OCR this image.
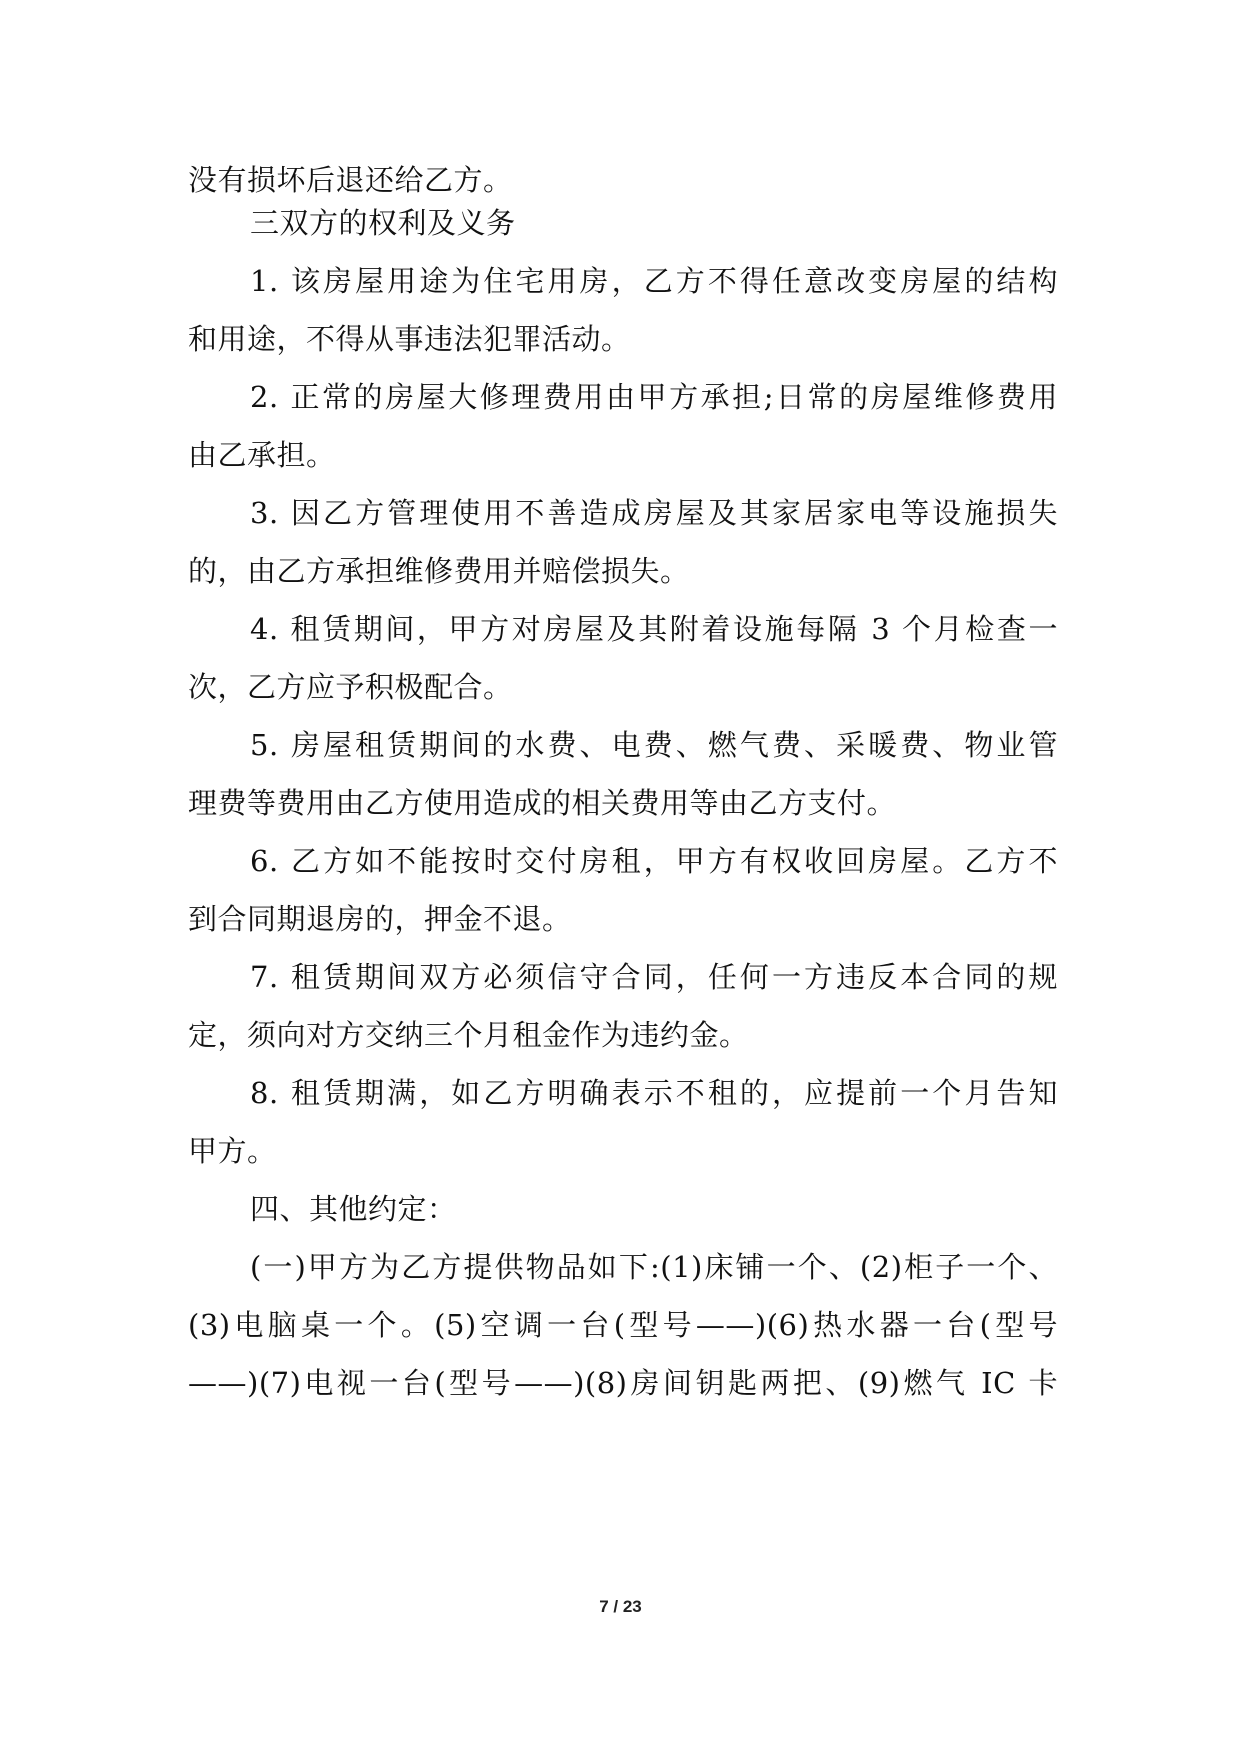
没有损坏后退还给乙方。
三双方的权利及义务
1. 该房屋用途为住宅用房，乙方不得任意改变房屋的结构
和用途，不得从事违法犯罪活动。
2. 正常的房屋大修理费用由甲方承担;日常的房屋维修费用
由乙承担。
3. 因乙方管理使用不善造成房屋及其家居家电等设施损失
的，由乙方承担维修费用并赔偿损失。
4. 租赁期间，甲方对房屋及其附着设施每隔 3 个月检查一
次，乙方应予积极配合。
5. 房屋租赁期间的水费、电费、燃气费、采暖费、物业管
理费等费用由乙方使用造成的相关费用等由乙方支付。
6. 乙方如不能按时交付房租，甲方有权收回房屋。乙方不
到合同期退房的，押金不退。
7. 租赁期间双方必须信守合同，任何一方违反本合同的规
定，须向对方交纳三个月租金作为违约金。
8. 租赁期满，如乙方明确表示不租的，应提前一个月告知
甲方。
四、其他约定：
(一)甲方为乙方提供物品如下:(1)床铺一个、(2)柜子一个、
(3)电脑桌一个。(5)空调一台(型号——)(6)热水器一台(型号
——)(7)电视一台(型号——)(8)房间钥匙两把、(9)燃气 IC 卡
7 / 23
